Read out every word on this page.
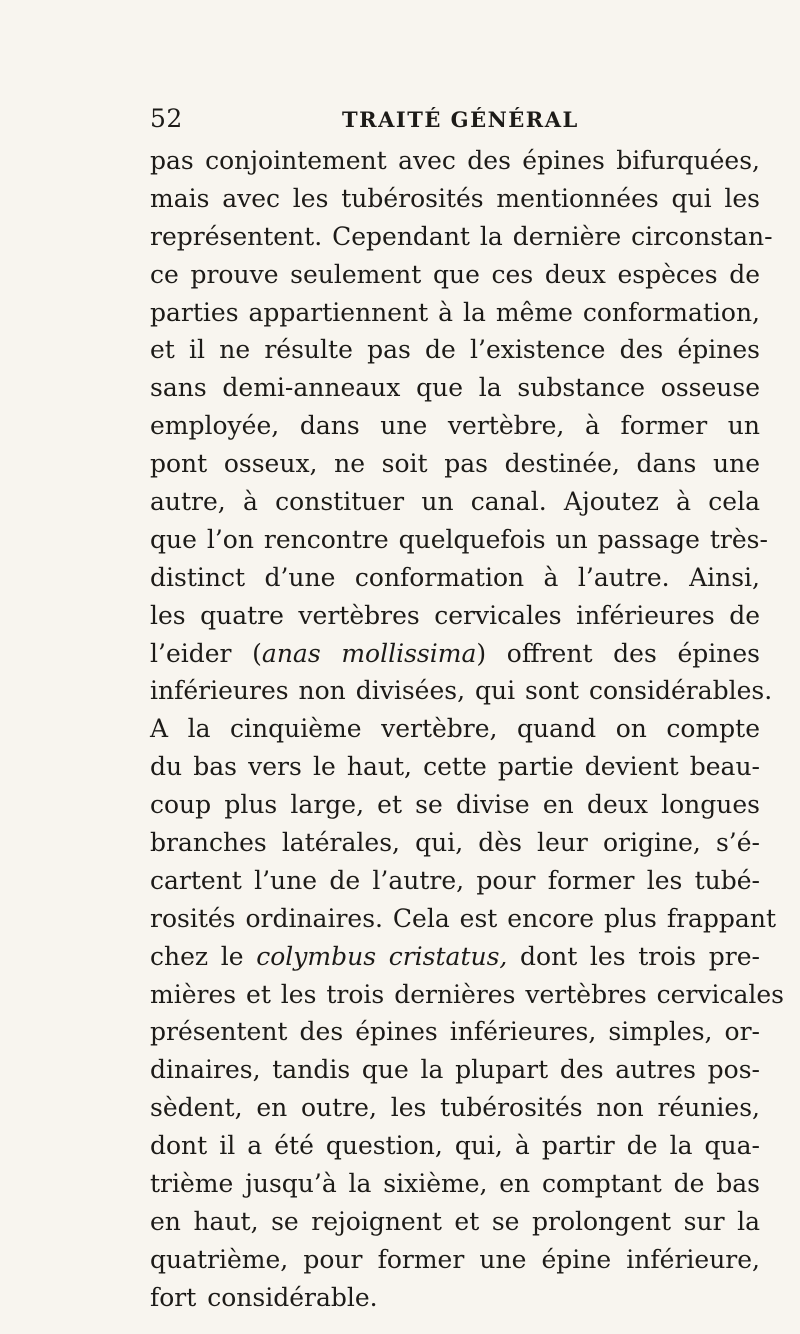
52	TRAITÉ GÉNÉRAL
pas conjointement avec des épines bifurquées,
mais avec les tubérosités mentionnées qui les
représentent. Cependant la dernière circonstan-
ce prouve seulement que ces deux espèces de
parties appartiennent à la même conformation,
et il ne résulte pas de l’existence des épines
sans demi-anneaux que la substance osseuse
employée, dans une vertèbre, à former un
pont osseux, ne soit pas destinée, dans une
autre, à constituer un canal. Ajoutez à cela
que l’on rencontre quelquefois un passage très-
distinct d’une conformation à l’autre. Ainsi,
les quatre vertèbres cervicales inférieures de
l’eider (anas mollissima) offrent des épines
inférieures non divisées, qui sont considérables.
A la cinquième vertèbre, quand on compte
du bas vers le haut, cette partie devient beau-
coup plus large, et se divise en deux longues
branches latérales, qui, dès leur origine, s’é-
cartent l’une de l’autre, pour former les tubé-
rosités ordinaires. Cela est encore plus frappant
chez le colymbus cristatus, dont les trois pre-
mières et les trois dernières vertèbres cervicales
présentent des épines inférieures, simples, or-
dinaires, tandis que la plupart des autres pos-
sèdent, en outre, les tubérosités non réunies,
dont il a été question, qui, à partir de la qua-
trième jusqu’à la sixième, en comptant de bas
en haut, se rejoignent et se prolongent sur la
quatrième, pour former une épine inférieure,
fort considérable.
